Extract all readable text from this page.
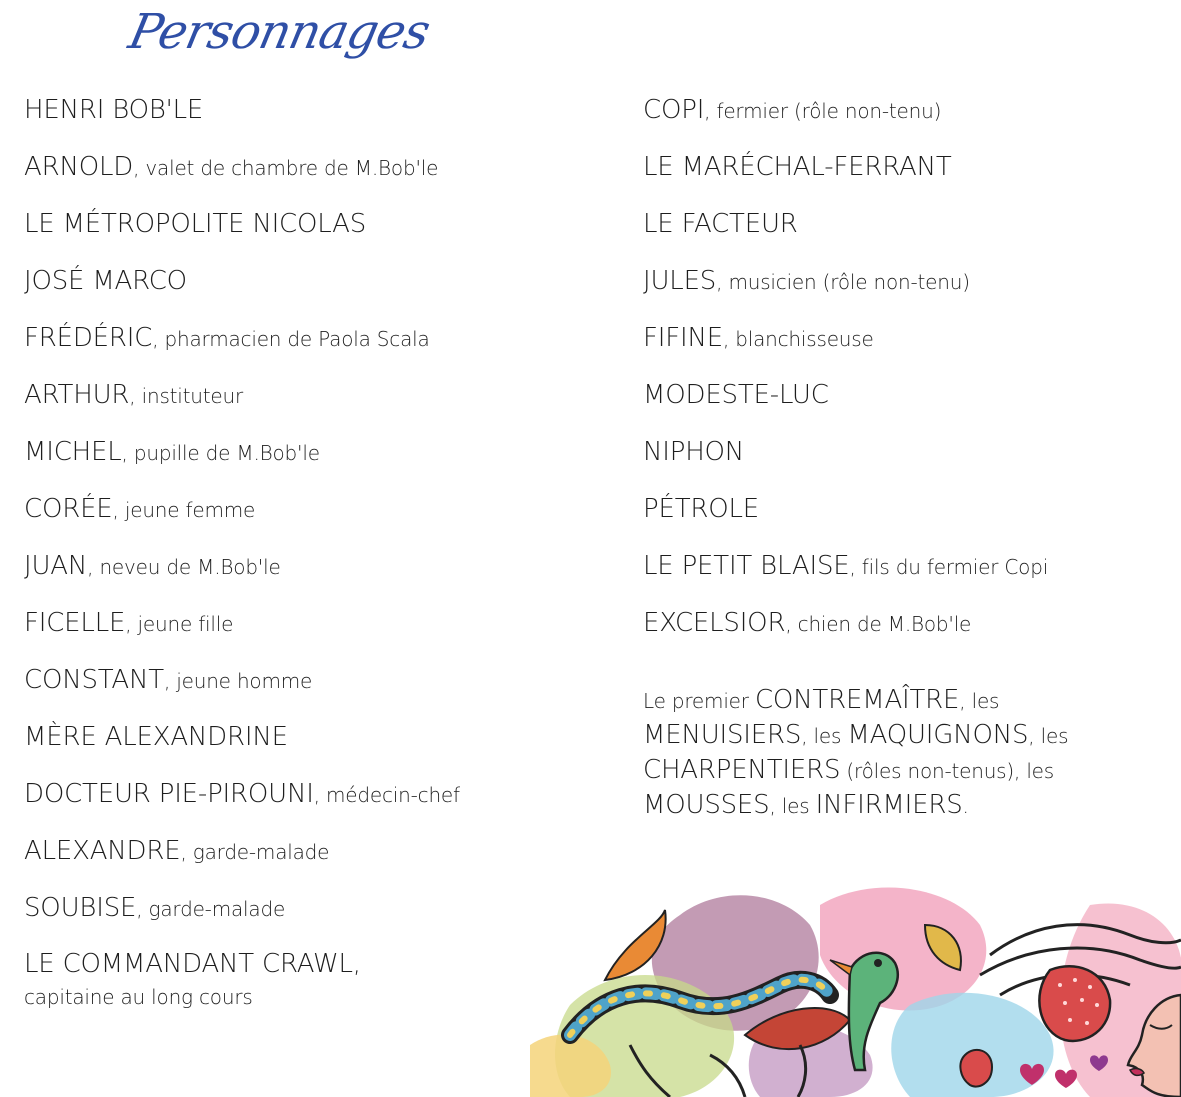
Personnages
HENRI BOB'LE
ARNOLD, valet de chambre de M.Bob'le
LE MÉTROPOLITE NICOLAS
JOSÉ MARCO
FRÉDÉRIC, pharmacien de Paola Scala
ARTHUR, instituteur
MICHEL, pupille de M.Bob'le
CORÉE, jeune femme
JUAN, neveu de M.Bob'le
FICELLE, jeune fille
CONSTANT, jeune homme
MÈRE ALEXANDRINE
DOCTEUR PIE-PIROUNI, médecin-chef
ALEXANDRE, garde-malade
SOUBISE, garde-malade
LE COMMANDANT CRAWL,
capitaine au long cours
COPI, fermier (rôle non-tenu)
LE MARÉCHAL-FERRANT
LE FACTEUR
JULES, musicien (rôle non-tenu)
FIFINE, blanchisseuse
MODESTE-LUC
NIPHON
PÉTROLE
LE PETIT BLAISE, fils du fermier Copi
EXCELSIOR, chien de M.Bob'le

Le premier CONTREMAÎTRE, les MENUISIERS, les MAQUIGNONS, les CHARPENTIERS (rôles non-tenus), les MOUSSES, les INFIRMIERS.
